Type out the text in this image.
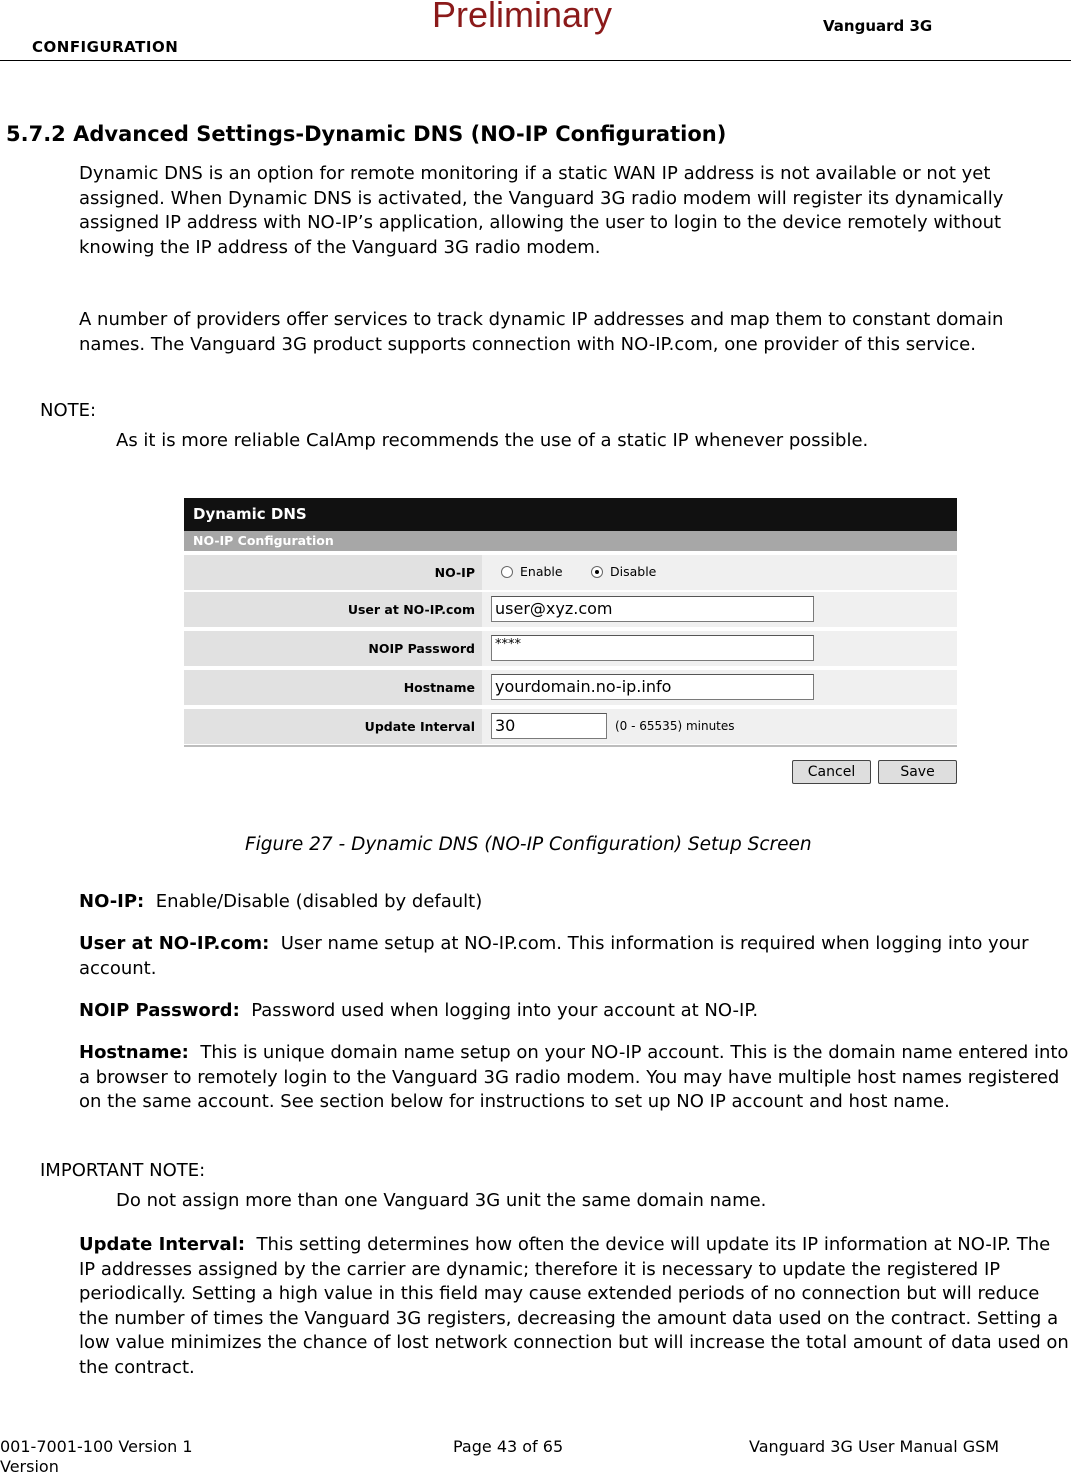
CONFIGURATION
Preliminary	Vanguard 3G
5.7.2 Advanced Settings-Dynamic DNS (NO-IP Configuration)

Dynamic DNS is an option for remote monitoring if a static WAN IP address is not available or not yet assigned. When Dynamic DNS is activated, the Vanguard 3G radio modem will register its dynamically assigned IP address with NO-IP’s application, allowing the user to login to the device remotely without knowing the IP address of the Vanguard 3G radio modem.

A number of providers offer services to track dynamic IP addresses and map them to constant domain names. The Vanguard 3G product supports connection with NO-IP.com, one provider of this service.

NOTE:
As it is more reliable CalAmp recommends the use of a static IP whenever possible.
Dynamic DNS
NO-IP Configuration
NO-IP	Enable	Disable
User at NO-IP.com	user@xyz.com
NOIP Password	****
Hostname	yourdomain.no-ip.info
Update Interval	30	(0 - 65535) minutes
Cancel	Save
Figure 27 - Dynamic DNS (NO-IP Configuration) Setup Screen

NO-IP: Enable/Disable (disabled by default)

User at NO-IP.com: User name setup at NO-IP.com. This information is required when logging into your account.

NOIP Password: Password used when logging into your account at NO-IP.

Hostname: This is unique domain name setup on your NO-IP account. This is the domain name entered into a browser to remotely login to the Vanguard 3G radio modem. You may have multiple host names registered on the same account. See section below for instructions to set up NO IP account and host name.

IMPORTANT NOTE:
Do not assign more than one Vanguard 3G unit the same domain name.

Update Interval: This setting determines how often the device will update its IP information at NO-IP. The IP addresses assigned by the carrier are dynamic; therefore it is necessary to update the registered IP periodically. Setting a high value in this field may cause extended periods of no connection but will reduce the number of times the Vanguard 3G registers, decreasing the amount data used on the contract. Setting a low value minimizes the chance of lost network connection but will increase the total amount of data used on the contract.

001-7001-100 Version 1 Version
Page 43 of 65	Vanguard 3G User Manual GSM
